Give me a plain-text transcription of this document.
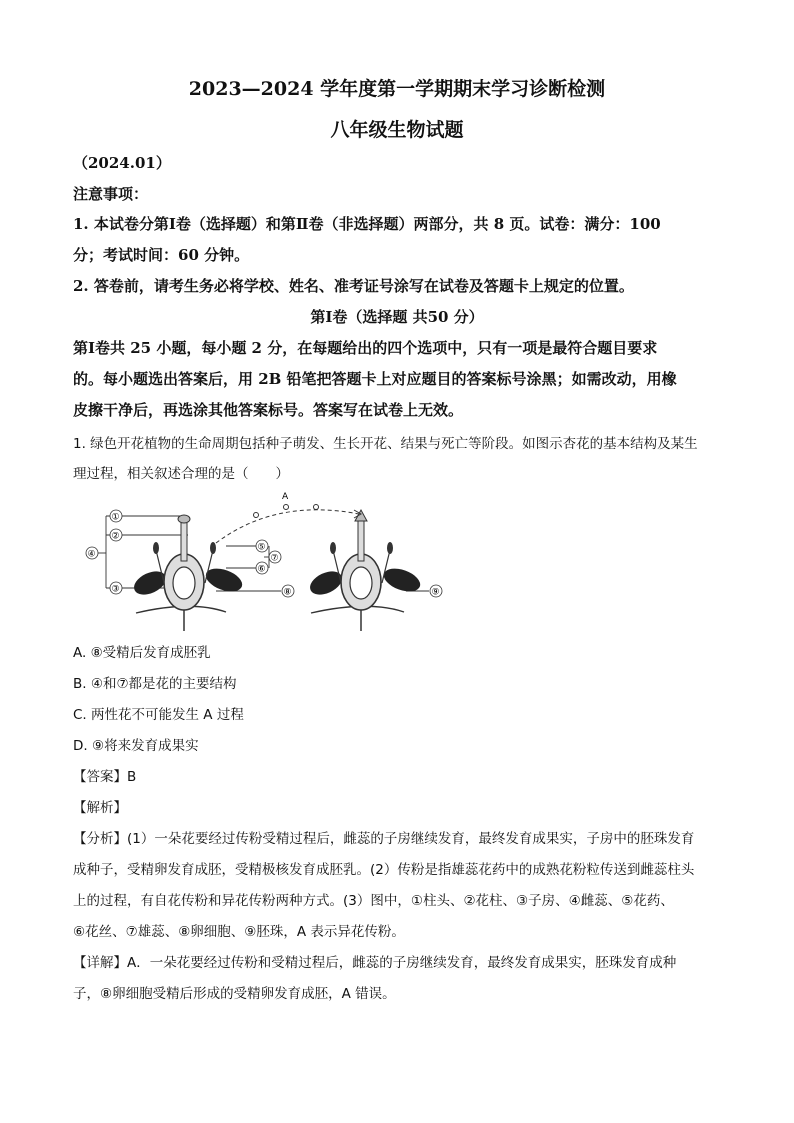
2023—2024 学年度第一学期期末学习诊断检测
八年级生物试题
（2024.01）
注意事项：
1. 本试卷分第Ⅰ卷（选择题）和第Ⅱ卷（非选择题）两部分，共 8 页。试卷：满分：100
分；考试时间：60 分钟。
2. 答卷前，请考生务必将学校、姓名、准考证号涂写在试卷及答题卡上规定的位置。
第Ⅰ卷（选择题 共50 分）
第Ⅰ卷共 25 小题，每小题 2 分，在每题给出的四个选项中，只有一项是最符合题目要求
的。每小题选出答案后，用 2B 铅笔把答题卡上对应题目的答案标号涂黑；如需改动，用橡
皮擦干净后，再选涂其他答案标号。答案写在试卷上无效。
1. 绿色开花植物的生命周期包括种子萌发、生长开花、结果与死亡等阶段。如图示杏花的基本结构及某生
理过程，相关叙述合理的是（　　）
A
①
②
③
④
⑤
⑥
⑦
⑧	⑨
A. ⑧受精后发育成胚乳
B. ④和⑦都是花的主要结构
C. 两性花不可能发生 A 过程
D. ⑨将来发育成果实
【答案】B
【解析】
【分析】(1）一朵花要经过传粉受精过程后，雌蕊的子房继续发育，最终发育成果实，子房中的胚珠发育
成种子，受精卵发育成胚，受精极核发育成胚乳。(2）传粉是指雄蕊花药中的成熟花粉粒传送到雌蕊柱头
上的过程，有自花传粉和异花传粉两种方式。(3）图中，①柱头、②花柱、③子房、④雌蕊、⑤花药、
⑥花丝、⑦雄蕊、⑧卵细胞、⑨胚珠，A 表示异花传粉。
【详解】A．一朵花要经过传粉和受精过程后，雌蕊的子房继续发育，最终发育成果实，胚珠发育成种
子，⑧卵细胞受精后形成的受精卵发育成胚，A 错误。
